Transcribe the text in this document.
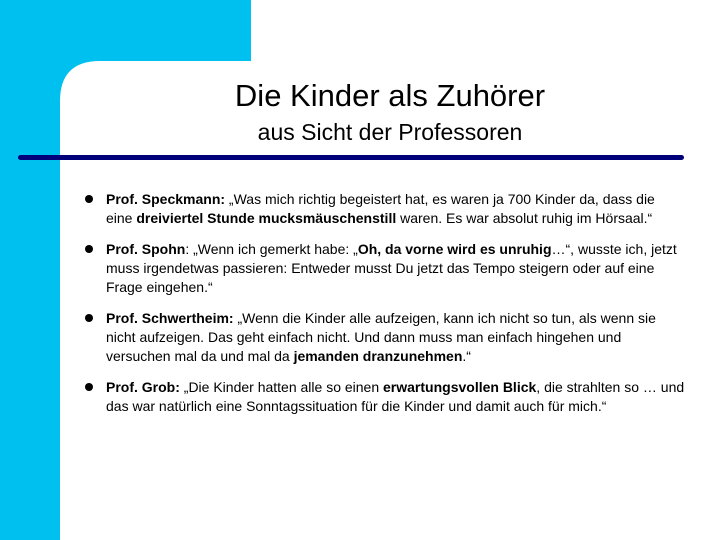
Die Kinder als Zuhörer
aus Sicht der Professoren
Prof. Speckmann: „Was mich richtig begeistert hat, es waren ja 700 Kinder da, dass die eine dreiviertel Stunde mucksmäuschenstill waren. Es war absolut ruhig im Hörsaal.“
Prof. Spohn: „Wenn ich gemerkt habe: „Oh, da vorne wird es unruhig…“, wusste ich, jetzt muss irgendetwas passieren: Entweder musst Du jetzt das Tempo steigern oder auf eine Frage eingehen.“
Prof. Schwertheim: „Wenn die Kinder alle aufzeigen, kann ich nicht so tun, als wenn sie nicht aufzeigen. Das geht einfach nicht. Und dann muss man einfach hingehen und versuchen mal da und mal da jemanden dranzunehmen.“
Prof. Grob: „Die Kinder hatten alle so einen erwartungsvollen Blick, die strahlten so … und das war natürlich eine Sonntagssituation für die Kinder und damit auch für mich.“
